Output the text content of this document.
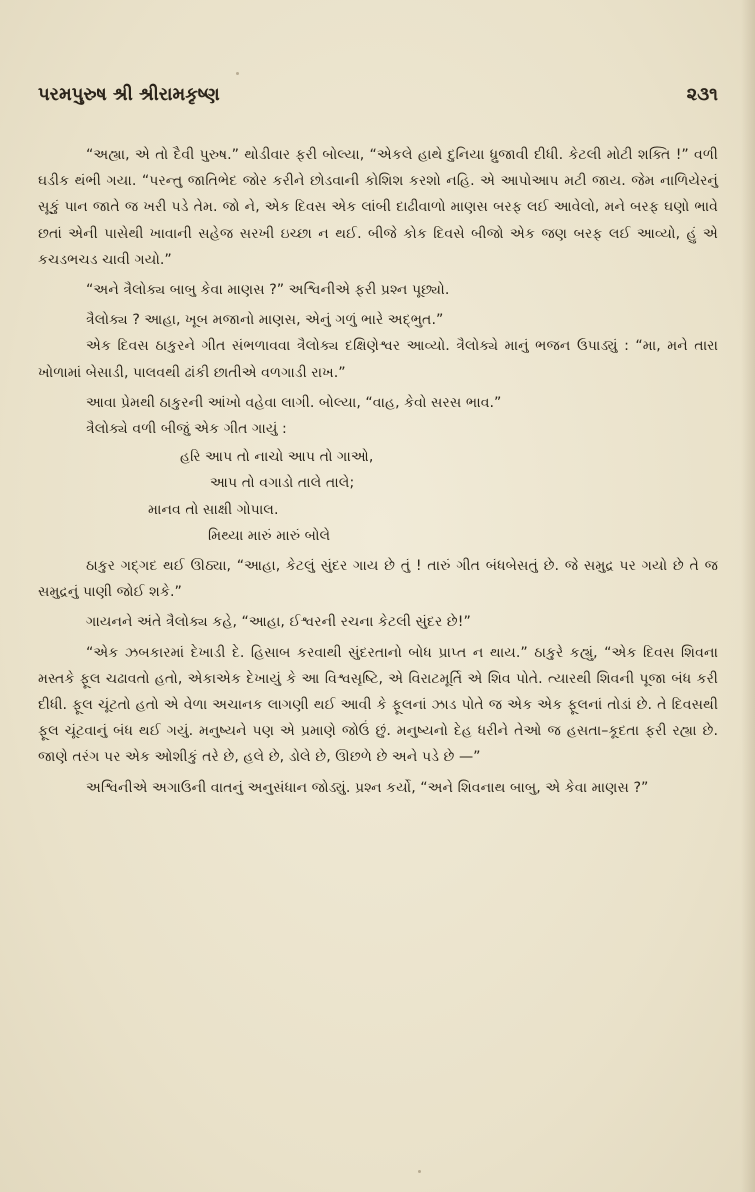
પરમપુરુષ શ્રી શ્રીરામકૃષ્ણ	૨૩૧

“અહ્યા, એ તો દૈવી પુરુષ.” થોડીવાર ફરી બોલ્યા, “એકલે હાથે દુનિયા ધ્રુજાવી દીધી. કેટલી મોટી શક્તિ !” વળી ઘડીક થંભી ગયા. “પરન્તુ જાતિભેદ જોર કરીને છોડવાની કોશિશ કરશો નહિ. એ આપોઆપ મટી જાય. જેમ નાળિયેરનું સૂકું પાન જાતે જ ખરી પડે તેમ. જો ને, એક દિવસ એક લાંબી દાઢીવાળો માણસ બરફ લઈ આવેલો, મને બરફ ઘણો ભાવે છતાં એની પાસેથી ખાવાની સહેજ સરખી ઇચ્છા ન થઈ. બીજે કોક દિવસે બીજો એક જણ બરફ લઈ આવ્યો, હું એ કચડભચડ ચાવી ગયો.”

“અને ત્રૈલોક્ય બાબુ કેવા માણસ ?” અશ્વિનીએ ફરી પ્રશ્ન પૂછ્યો.

ત્રૈલોક્ય ? આહા, ખૂબ મજાનો માણસ, એનું ગળું ભારે અદ્‌ભુત.”

એક દિવસ ઠાકુરને ગીત સંભળાવવા ત્રૈલોક્ય દક્ષિણેશ્વર આવ્યો. ત્રૈલોક્યે માનું ભજન ઉપાડ્યું : “મા, મને તારા ખોળામાં બેસાડી, પાલવથી ઢાંકી છાતીએ વળગાડી રાખ.”

આવા પ્રેમથી ઠાકુરની આંખો વહેવા લાગી. બોલ્યા, “વાહ, કેવો સરસ ભાવ.”

ત્રૈલોક્યે વળી બીજું એક ગીત ગાયું :

હરિ આપ તો નાચો આપ તો ગાઓ,
આપ તો વગાડો તાલે તાલે;
માનવ તો સાક્ષી ગોપાલ.
મિથ્યા મારું મારું બોલે

ઠાકુર ગદ્‌ગદ થઈ ઊઠ્યા, “આહા, કેટલું સુંદર ગાય છે તું ! તારું ગીત બંધબેસતું છે. જે સમુદ્ર પર ગયો છે તે જ સમુદ્રનું પાણી જોઈ શકે.”

ગાયનને અંતે ત્રૈલોક્ય કહે, “આહા, ઈશ્વરની રચના કેટલી સુંદર છે!”

“એક ઝબકારમાં દેખાડી દે. હિસાબ કરવાથી સુંદરતાનો બોધ પ્રાપ્ત ન થાય.” ઠાકુરે કહ્યું, “એક દિવસ શિવના મસ્તકે ફૂલ ચઢાવતો હતો, એકાએક દેખાયું કે આ વિશ્વસૃષ્ટિ, એ વિરાટમૂર્તિ એ શિવ પોતે. ત્યારથી શિવની પૂજા બંધ કરી દીધી. ફૂલ ચૂંટતો હતો એ વેળા અચાનક લાગણી થઈ આવી કે ફૂલનાં ઝાડ પોતે જ એક એક ફૂલનાં તોડાં છે. તે દિવસથી ફૂલ ચૂંટવાનું બંધ થઈ ગયું. મનુષ્યને પણ એ પ્રમાણે જોઉં છું. મનુષ્યનો દેહ ધરીને તેઓ જ હસતા–કૂદતા ફરી રહ્યા છે. જાણે તરંગ પર એક ઓશીકું તરે છે, હલે છે, ડોલે છે, ઊછળે છે અને પડે છે —”

અશ્વિનીએ અગાઉની વાતનું અનુસંધાન જોડ્યું. પ્રશ્ન કર્યો, “અને શિવનાથ બાબુ, એ કેવા માણસ ?”
